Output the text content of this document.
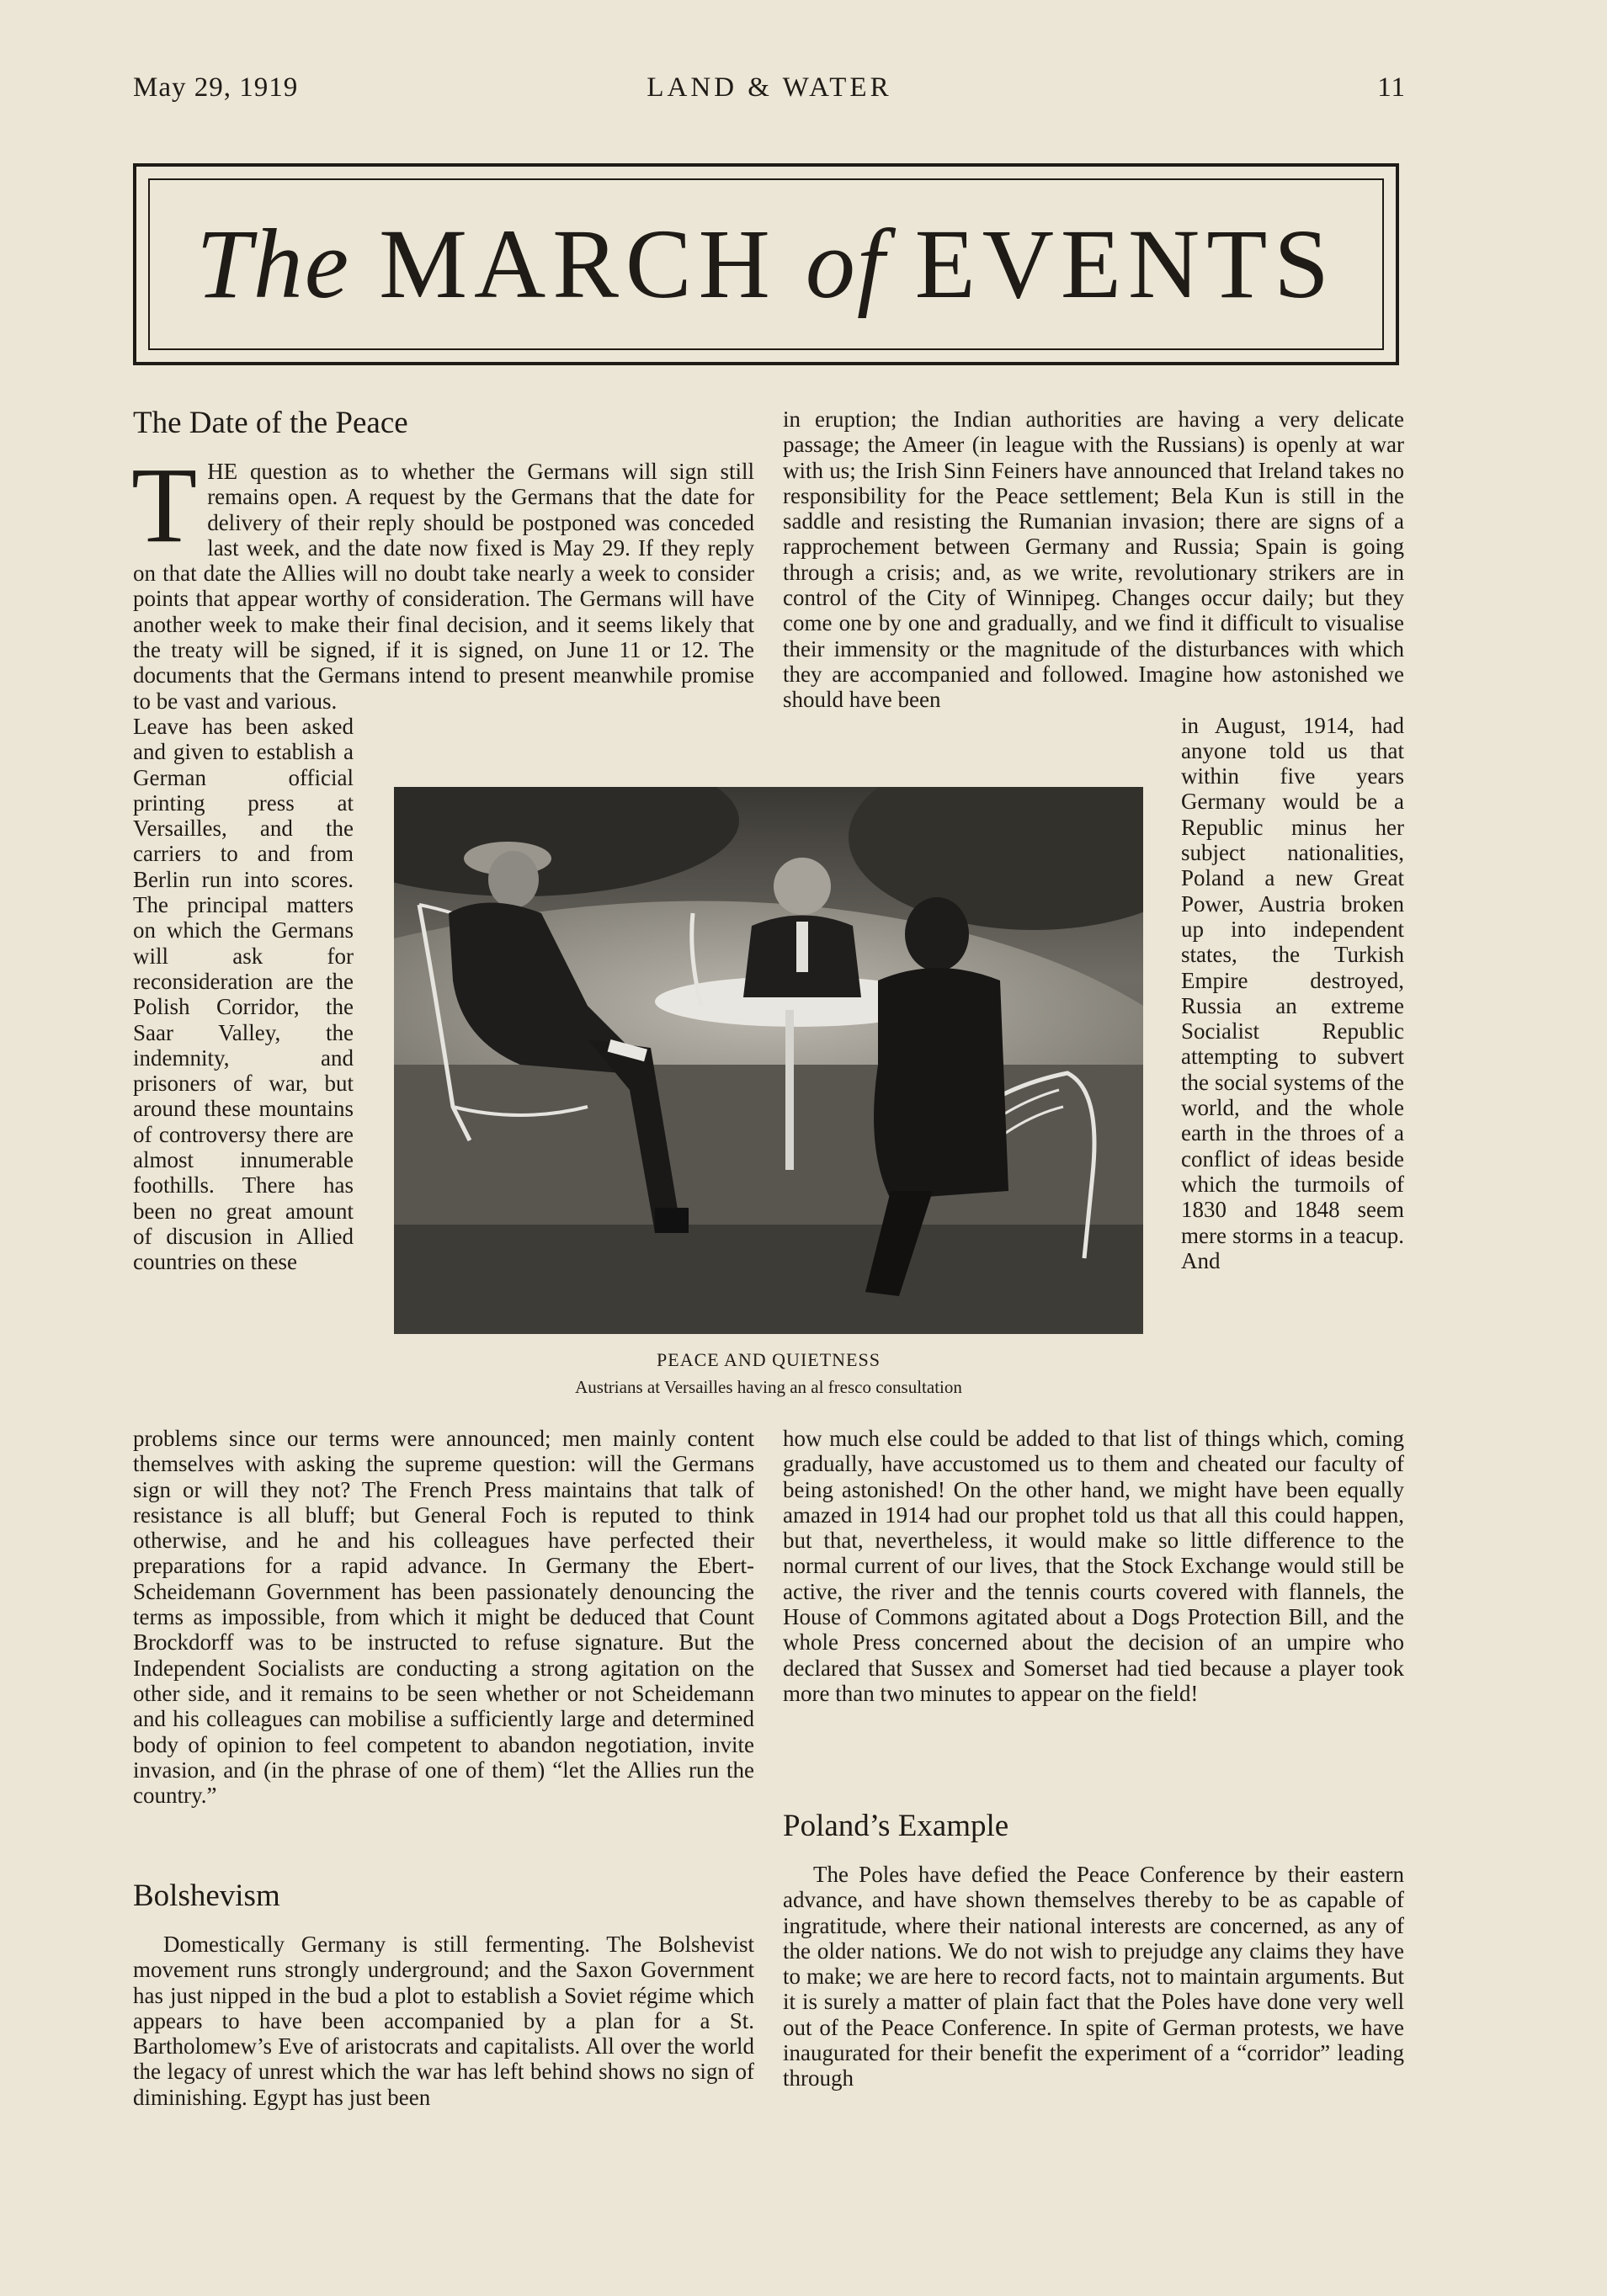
May 29, 1919	LAND & WATER	11
The MARCH of EVENTS
The Date of the Peace

THE question as to whether the Germans will sign still remains open. A request by the Germans that the date for delivery of their reply should be postponed was conceded last week, and the date now fixed is May 29. If they reply on that date the Allies will no doubt take nearly a week to consider points that appear worthy of consideration. The Germans will have another week to make their final decision, and it seems likely that the treaty will be signed, if it is signed, on June 11 or 12. The documents that the Germans intend to present meanwhile promise to be vast and various.

Leave has been asked and given to establish a German official printing press at Versailles, and the carriers to and from Berlin run into scores. The principal matters on which the Germans will ask for reconsideration are the Polish Corridor, the Saar Valley, the indemnity, and prisoners of war, but around these mountains of controversy there are almost innumerable foothills. There has been no great amount of discusion in Allied countries on these

problems since our terms were announced; men mainly content themselves with asking the supreme question: will the Germans sign or will they not? The French Press maintains that talk of resistance is all bluff; but General Foch is reputed to think otherwise, and he and his colleagues have perfected their preparations for a rapid advance. In Germany the Ebert-Scheidemann Government has been passionately denouncing the terms as impossible, from which it might be deduced that Count Brockdorff was to be instructed to refuse signature. But the Independent Socialists are conducting a strong agitation on the other side, and it remains to be seen whether or not Scheidemann and his colleagues can mobilise a sufficiently large and determined body of opinion to feel competent to abandon negotiation, invite invasion, and (in the phrase of one of them) “let the Allies run the country.”

Bolshevism

Domestically Germany is still fermenting. The Bolshevist movement runs strongly underground; and the Saxon Government has just nipped in the bud a plot to establish a Soviet régime which appears to have been accompanied by a plan for a St. Bartholomew’s Eve of aristocrats and capitalists. All over the world the legacy of unrest which the war has left behind shows no sign of diminishing. Egypt has just been

in eruption; the Indian authorities are having a very delicate passage; the Ameer (in league with the Russians) is openly at war with us; the Irish Sinn Feiners have announced that Ireland takes no responsibility for the Peace settlement; Bela Kun is still in the saddle and resisting the Rumanian invasion; there are signs of a rapprochement between Germany and Russia; Spain is going through a crisis; and, as we write, revolutionary strikers are in control of the City of Winnipeg. Changes occur daily; but they come one by one and gradually, and we find it difficult to visualise their immensity or the magnitude of the disturbances with which they are accompanied and followed. Imagine how astonished we should have been

in August, 1914, had anyone told us that within five years Germany would be a Republic minus her subject nationalities, Poland a new Great Power, Austria broken up into independent states, the Turkish Empire destroyed, Russia an extreme Socialist Republic attempting to subvert the social systems of the world, and the whole earth in the throes of a conflict of ideas beside which the turmoils of 1830 and 1848 seem mere storms in a teacup. And

how much else could be added to that list of things which, coming gradually, have accustomed us to them and cheated our faculty of being astonished! On the other hand, we might have been equally amazed in 1914 had our prophet told us that all this could happen, but that, nevertheless, it would make so little difference to the normal current of our lives, that the Stock Exchange would still be active, the river and the tennis courts covered with flannels, the House of Commons agitated about a Dogs Protection Bill, and the whole Press concerned about the decision of an umpire who declared that Sussex and Somerset had tied because a player took more than two minutes to appear on the field!

Poland’s Example

The Poles have defied the Peace Conference by their eastern advance, and have shown themselves thereby to be as capable of ingratitude, where their national interests are concerned, as any of the older nations. We do not wish to prejudge any claims they have to make; we are here to record facts, not to maintain arguments. But it is surely a matter of plain fact that the Poles have done very well out of the Peace Conference. In spite of German protests, we have inaugurated for their benefit the experiment of a “corridor” leading through

PEACE AND QUIETNESS
Austrians at Versailles having an al fresco consultation
